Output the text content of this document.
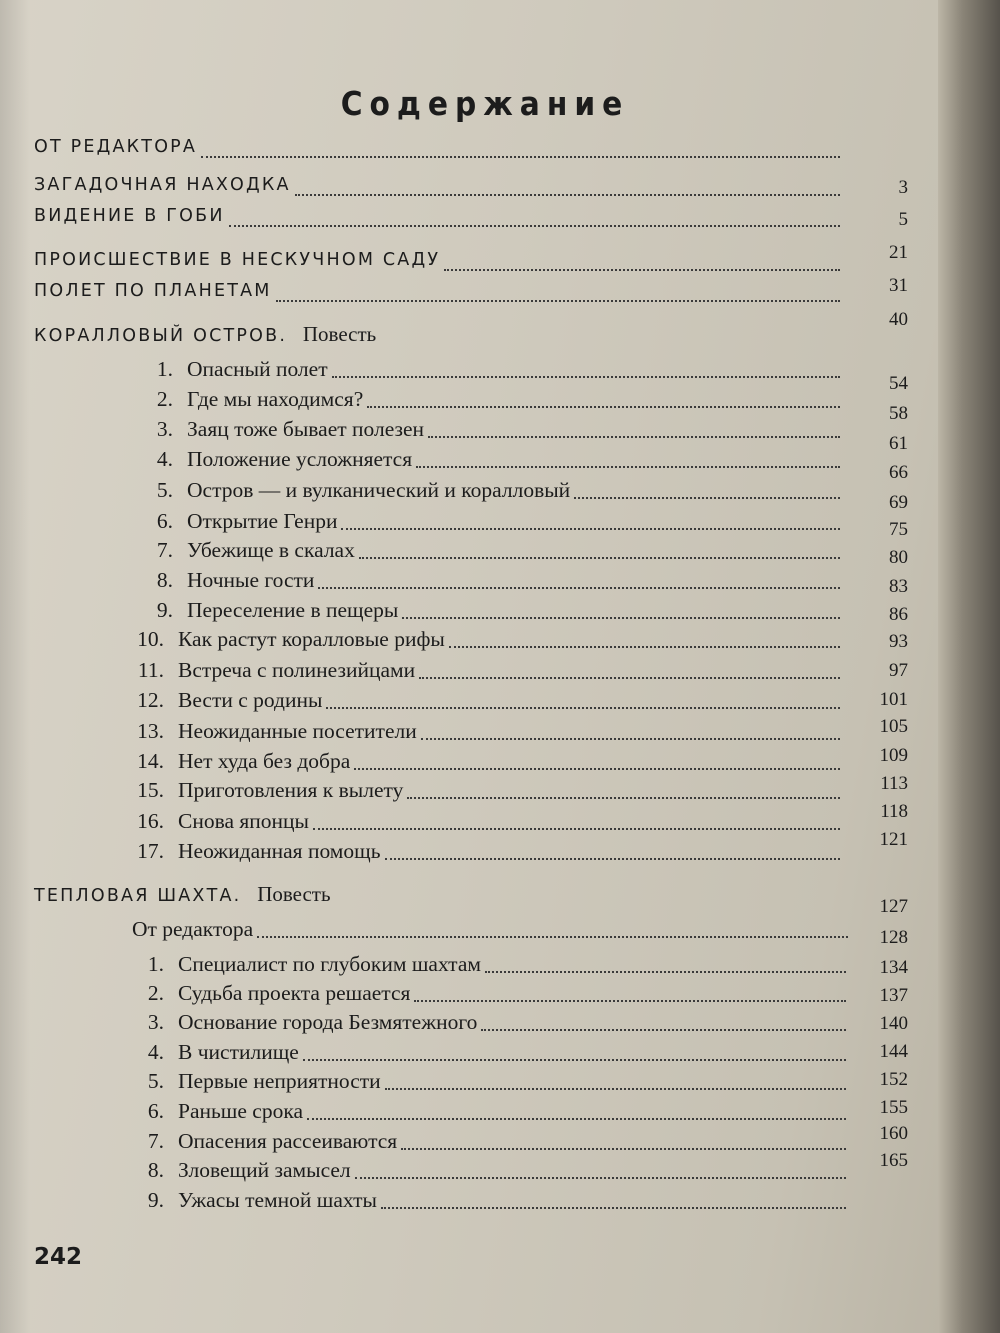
Содержание
ОТ РЕДАКТОРА
ЗАГАДОЧНАЯ НАХОДКА
ВИДЕНИЕ В ГОБИ
ПРОИСШЕСТВИЕ В НЕСКУЧНОМ САДУ
ПОЛЕТ ПО ПЛАНЕТАМ
КОРАЛЛОВЫЙ ОСТРОВ.   Повесть
1. Опасный полет
2. Где мы находимся?
3. Заяц тоже бывает полезен
4. Положение усложняется
5. Остров — и вулканический и коралловый
6. Открытие Генри
7. Убежище в скалах
8. Ночные гости
9. Переселение в пещеры
10. Как растут коралловые рифы
11. Встреча с полинезийцами
12. Вести с родины
13. Неожиданные посетители
14. Нет худа без добра
15. Приготовления к вылету
16. Снова японцы
17. Неожиданная помощь
ТЕПЛОВАЯ ШАХТА.   Повесть
От редактора
1. Специалист по глубоким шахтам
2. Судьба проекта решается
3. Основание города Безмятежного
4. В чистилище
5. Первые неприятности
6. Раньше срока
7. Опасения рассеиваются
8. Зловещий замысел
9. Ужасы темной шахты
3
5
21
31
40
54
58
61
66
69
75
80
83
86
93
97
101
105
109
113
118
121
127
128
134
137
140
144
152
155
160
165
242
